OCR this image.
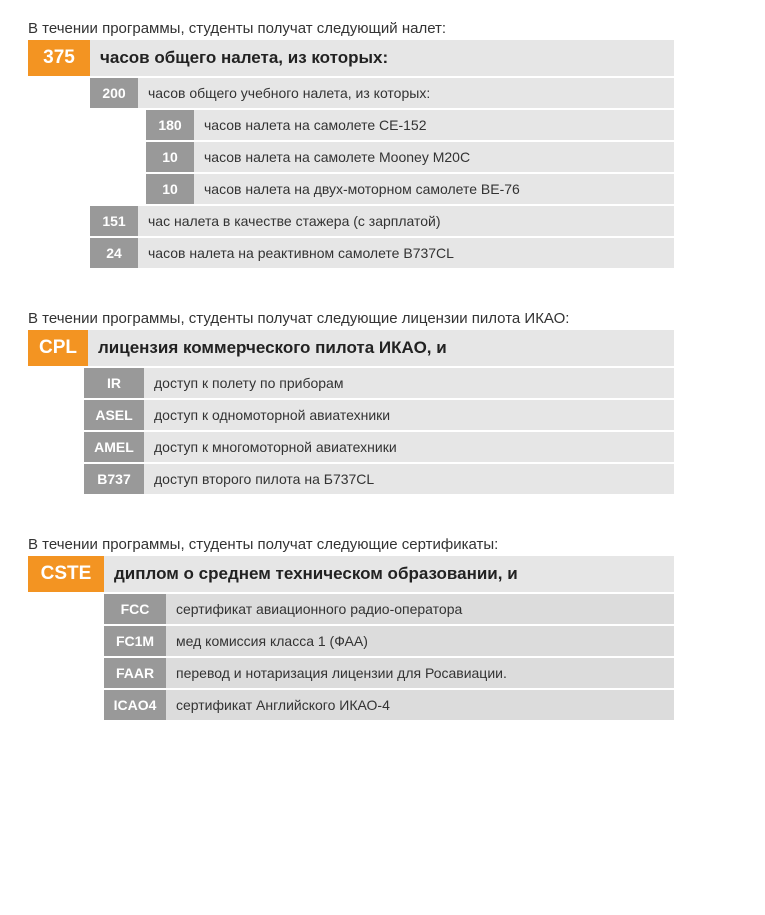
В течении программы, студенты получат следующий налет:

375	часов общего налета, из которых:
200	часов общего учебного налета, из которых:
180	часов налета на самолете CE-152
10	часов налета на самолете Mooney M20C
10	часов налета на двух-моторном самолете BE-76
151	час налета в качестве стажера (с зарплатой)
24	часов налета на реактивном самолете B737CL

В течении программы, студенты получат следующие лицензии пилота ИКАО:

CPL	лицензия коммерческого пилота ИКАО, и
IR	доступ к полету по приборам
ASEL	доступ к одномоторной авиатехники
AMEL	доступ к многомоторной авиатехники
B737	доступ второго пилота на Б737CL

В течении программы, студенты получат следующие сертификаты:

CSTE	диплом о среднем техническом образовании, и
FCC	сертификат авиационного радио-оператора
FC1M	мед комиссия класса 1 (ФАА)
FAAR	перевод и нотаризация лицензии для Росавиации.
ICAO4	сертификат Английского ИКАО-4
